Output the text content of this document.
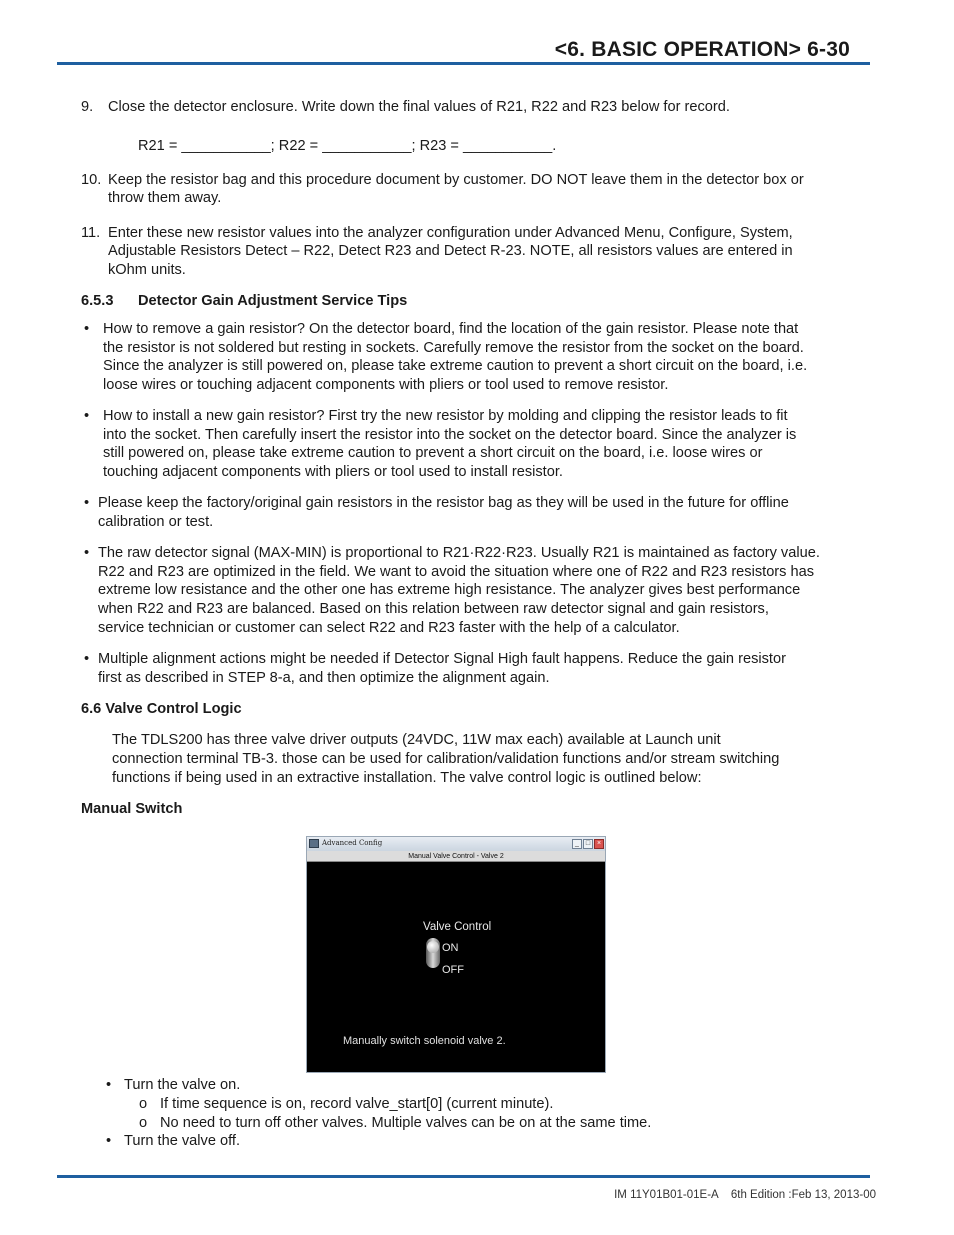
<6. BASIC OPERATION> 6-30
9. Close the detector enclosure. Write down the final values of R21, R22 and R23 below for record.
R21 = ___________; R22 = ___________; R23 = ___________.
10. Keep the resistor bag and this procedure document by customer. DO NOT leave them in the detector box or
throw them away.
11. Enter these new resistor values into the analyzer configuration under Advanced Menu, Configure, System,
Adjustable Resistors Detect – R22, Detect R23 and Detect R-23. NOTE, all resistors values are entered in
kOhm units.
6.5.3 Detector Gain Adjustment Service Tips
• How to remove a gain resistor? On the detector board, find the location of the gain resistor. Please note that
the resistor is not soldered but resting in sockets. Carefully remove the resistor from the socket on the board.
Since the analyzer is still powered on, please take extreme caution to prevent a short circuit on the board, i.e.
loose wires or touching adjacent components with pliers or tool used to remove resistor.
• How to install a new gain resistor? First try the new resistor by molding and clipping the resistor leads to fit
into the socket. Then carefully insert the resistor into the socket on the detector board. Since the analyzer is
still powered on, please take extreme caution to prevent a short circuit on the board, i.e. loose wires or
touching adjacent components with pliers or tool used to install resistor.
• Please keep the factory/original gain resistors in the resistor bag as they will be used in the future for offline
calibration or test.
• The raw detector signal (MAX-MIN) is proportional to R21·R22·R23. Usually R21 is maintained as factory value.
R22 and R23 are optimized in the field. We want to avoid the situation where one of R22 and R23 resistors has
extreme low resistance and the other one has extreme high resistance. The analyzer gives best performance
when R22 and R23 are balanced. Based on this relation between raw detector signal and gain resistors,
service technician or customer can select R22 and R23 faster with the help of a calculator.
• Multiple alignment actions might be needed if Detector Signal High fault happens. Reduce the gain resistor
first as described in STEP 8-a, and then optimize the alignment again.
6.6 Valve Control Logic
The TDLS200 has three valve driver outputs (24VDC, 11W max each) available at Launch unit
connection terminal TB-3. those can be used for calibration/validation functions and/or stream switching
functions if being used in an extractive installation. The valve control logic is outlined below:
Manual Switch
Advanced Config	_ □ ×
Manual Valve Control - Valve 2
Valve Control
ON
OFF
Manually switch solenoid valve 2.
• Turn the valve on.
o If time sequence is on, record valve_start[0] (current minute).
o No need to turn off other valves. Multiple valves can be on at the same time.
• Turn the valve off.
IM 11Y01B01-01E-A    6th Edition :Feb 13, 2013-00
